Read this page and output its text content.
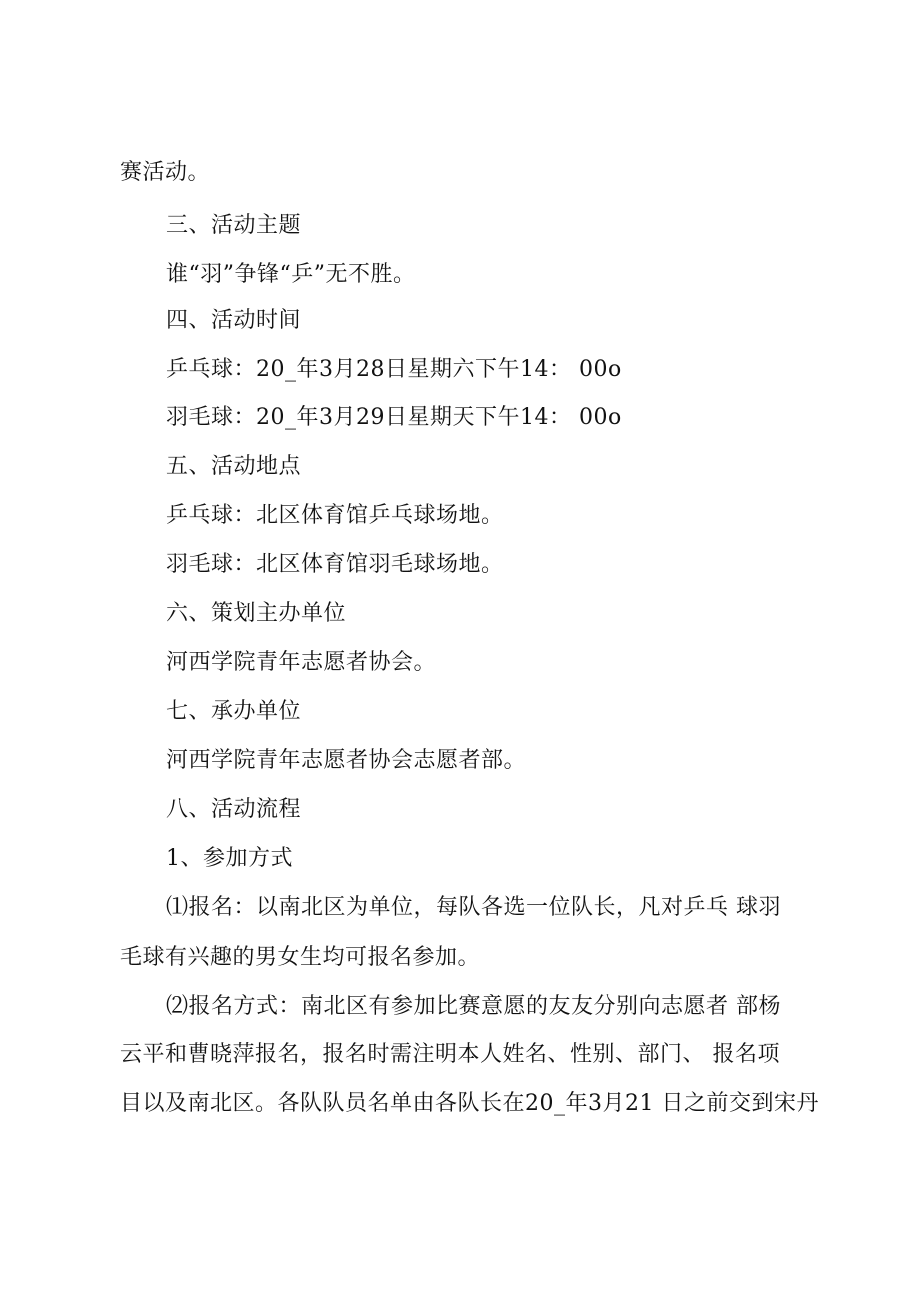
赛活动。
三、活动主题
谁“羽”争锋“乒”无不胜。
四、活动时间
乒乓球：20_年3月28日星期六下午14： 00o
羽毛球：20_年3月29日星期天下午14： 00o
五、活动地点
乒乓球：北区体育馆乒乓球场地。
羽毛球：北区体育馆羽毛球场地。
六、策划主办单位
河西学院青年志愿者协会。
七、承办单位
河西学院青年志愿者协会志愿者部。
八、活动流程
1、参加方式
⑴报名：以南北区为单位，每队各选一位队长，凡对乒乓 球羽
毛球有兴趣的男女生均可报名参加。
⑵报名方式：南北区有参加比赛意愿的友友分别向志愿者 部杨
云平和曹晓萍报名，报名时需注明本人姓名、性别、部门、 报名项
目以及南北区。各队队员名单由各队长在20_年3月21 日之前交到宋丹
